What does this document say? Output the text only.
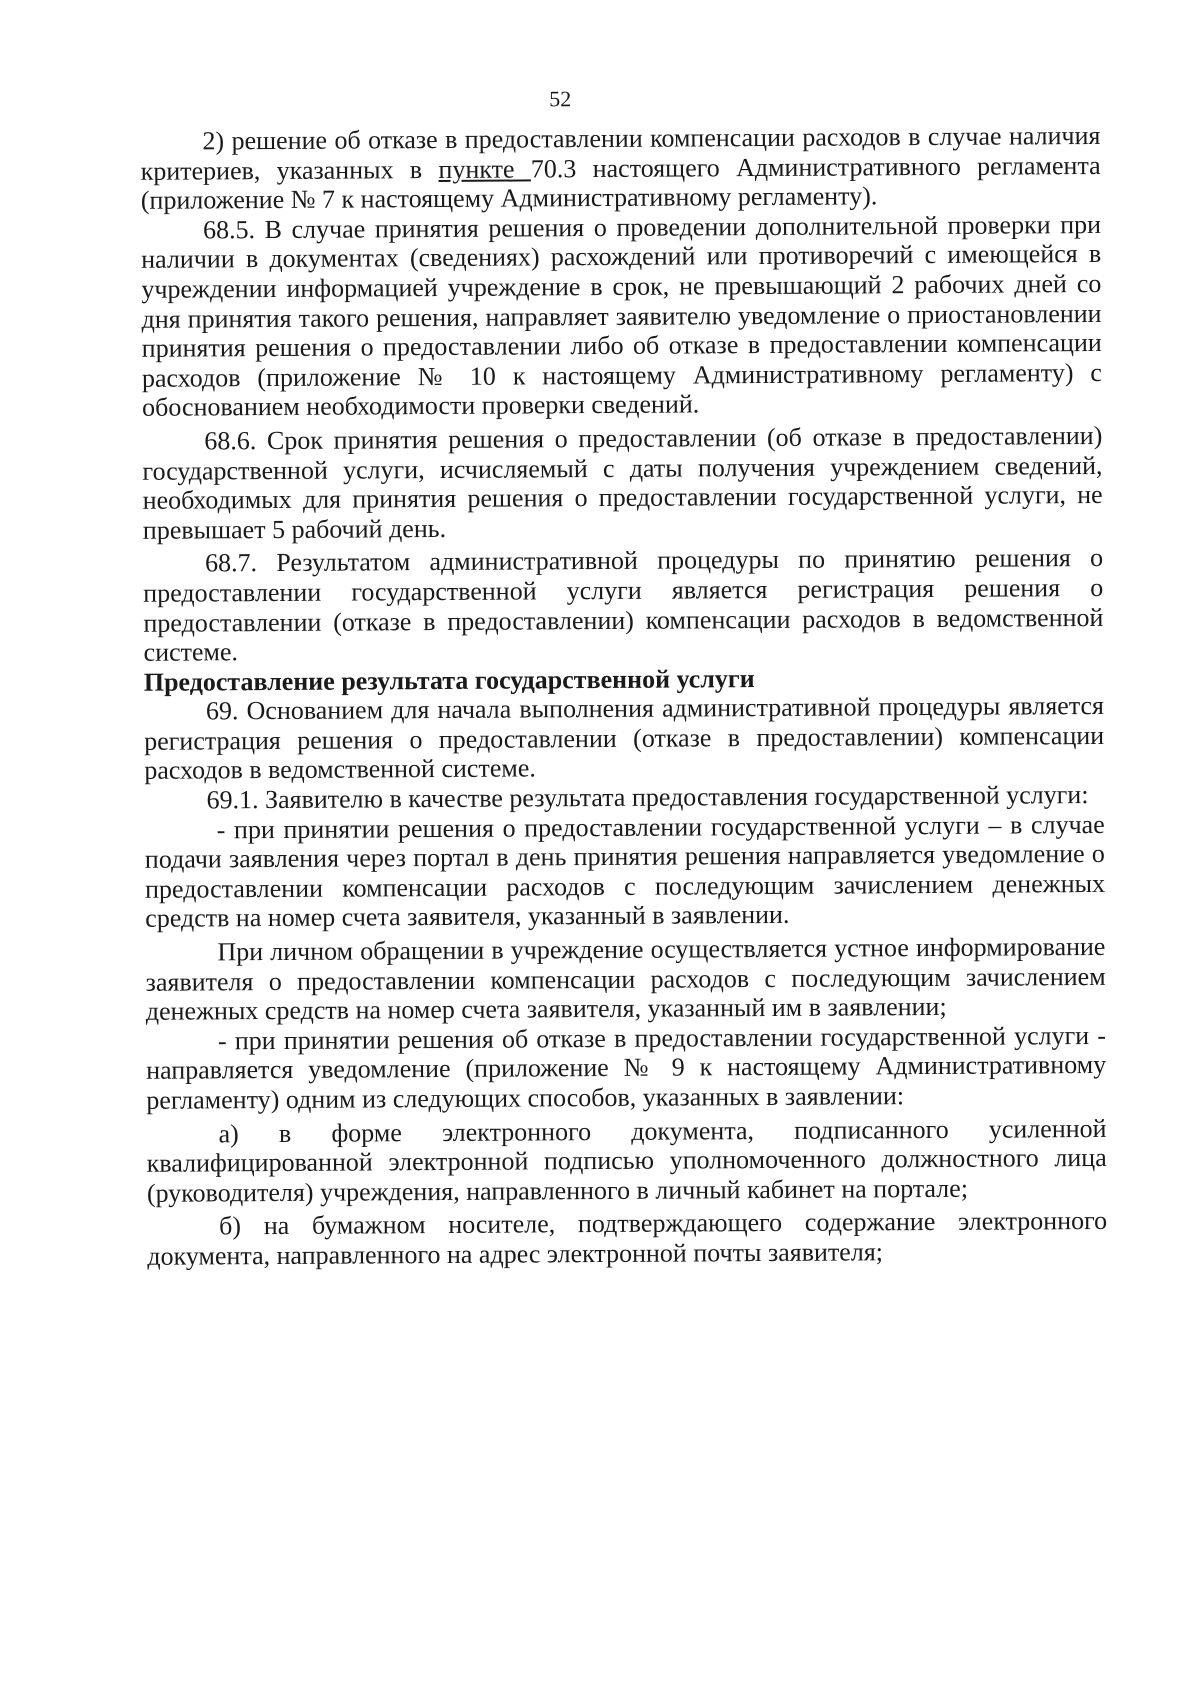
52

2) решение об отказе в предоставлении компенсации расходов в случае наличия критериев, указанных в пункте 70.3 настоящего Административного регламента (приложение № 7 к настоящему Административному регламенту).

68.5. В случае принятия решения о проведении дополнительной проверки при наличии в документах (сведениях) расхождений или противоречий с имеющейся в учреждении информацией учреждение в срок, не превышающий 2 рабочих дней со дня принятия такого решения, направляет заявителю уведомление о приостановлении принятия решения о предоставлении либо об отказе в предоставлении компенсации расходов (приложение № 10 к настоящему Административному регламенту) с обоснованием необходимости проверки сведений.

68.6. Срок принятия решения о предоставлении (об отказе в предоставлении) государственной услуги, исчисляемый с даты получения учреждением сведений, необходимых для принятия решения о предоставлении государственной услуги, не превышает 5 рабочий день.

68.7. Результатом административной процедуры по принятию решения о предоставлении государственной услуги является регистрация решения о предоставлении (отказе в предоставлении) компенсации расходов в ведомственной системе.

Предоставление результата государственной услуги

69. Основанием для начала выполнения административной процедуры является регистрация решения о предоставлении (отказе в предоставлении) компенсации расходов в ведомственной системе.

69.1. Заявителю в качестве результата предоставления государственной услуги:

- при принятии решения о предоставлении государственной услуги – в случае подачи заявления через портал в день принятия решения направляется уведомление о предоставлении компенсации расходов с последующим зачислением денежных средств на номер счета заявителя, указанный в заявлении.

При личном обращении в учреждение осуществляется устное информирование заявителя о предоставлении компенсации расходов с последующим зачислением денежных средств на номер счета заявителя, указанный им в заявлении;

- при принятии решения об отказе в предоставлении государственной услуги - направляется уведомление (приложение № 9 к настоящему Административному регламенту) одним из следующих способов, указанных в заявлении:

а) в форме электронного документа, подписанного усиленной квалифицированной электронной подписью уполномоченного должностного лица (руководителя) учреждения, направленного в личный кабинет на портале;

б) на бумажном носителе, подтверждающего содержание электронного документа, направленного на адрес электронной почты заявителя;
